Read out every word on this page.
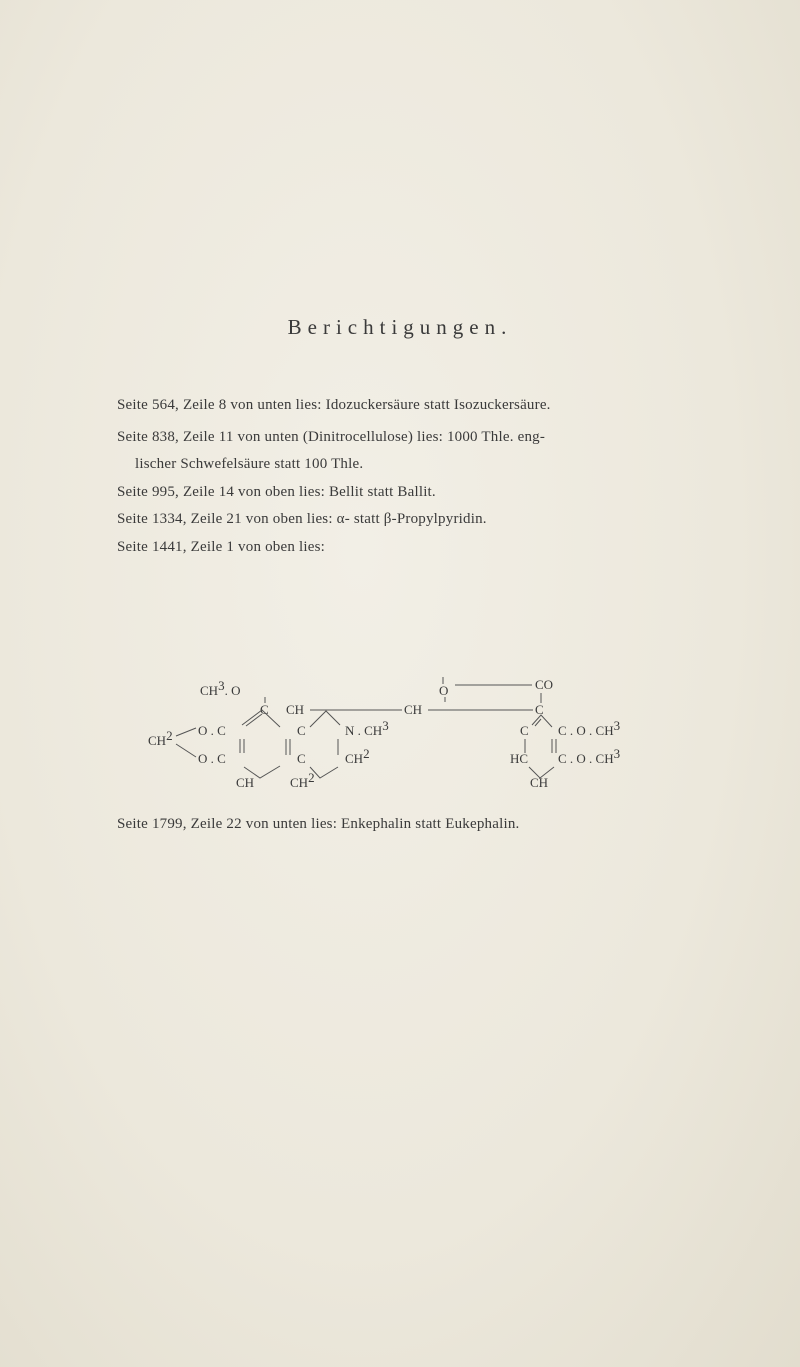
Berichtigungen.
Seite 564, Zeile 8 von unten lies: Idozuckersäure statt Isozuckersäure.
Seite 838, Zeile 11 von unten (Dinitrocellulose) lies: 1000 Thle. eng-
lischer Schwefelsäure statt 100 Thle.
Seite 995, Zeile 14 von oben lies: Bellit statt Ballit.
Seite 1334, Zeile 21 von oben lies: α- statt β-Propylpyridin.
Seite 1441, Zeile 1 von oben lies:
CH3. O	O	CO
C CH	CH	C
O . C	C	N . CH3	C C . O . CH3
CH2
O . C	C	CH2	HC C . O . CH3
CH	CH2	CH
Seite 1799, Zeile 22 von unten lies: Enkephalin statt Eukephalin.
